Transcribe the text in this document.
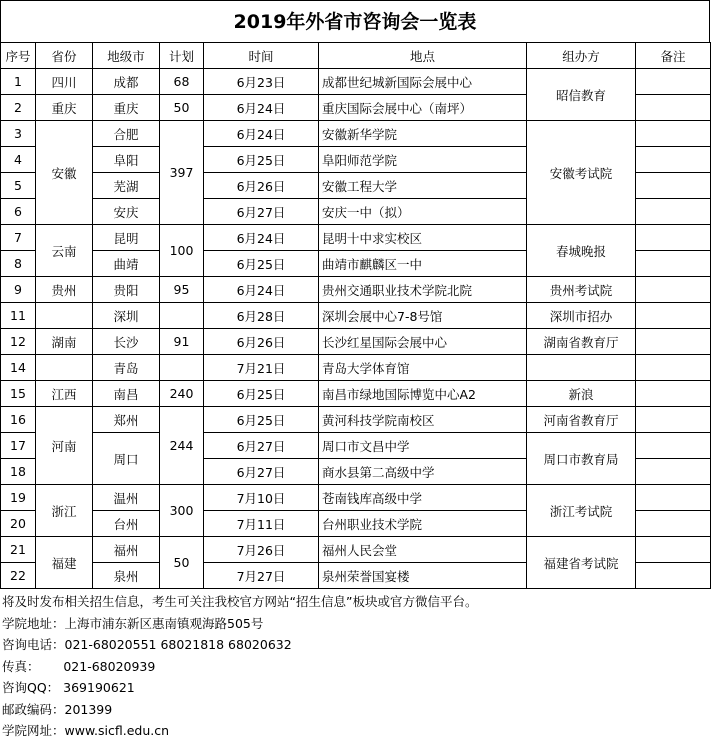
2019年外省市咨询会一览表
序号	省份	地级市	计划	时间	地点	组办方	备注
1	四川	成都	68	6月23日	成都世纪城新国际会展中心	昭信教育	
2	重庆	重庆	50	6月24日	重庆国际会展中心（南坪）		
3	安徽	合肥	397	6月24日	安徽新华学院	安徽考试院	
4		阜阳		6月25日	阜阳师范学院		
5		芜湖		6月26日	安徽工程大学		
6		安庆		6月27日	安庆一中（拟）		
7	云南	昆明	100	6月24日	昆明十中求实校区	春城晚报	
8		曲靖		6月25日	曲靖市麒麟区一中		
9	贵州	贵阳	95	6月24日	贵州交通职业技术学院北院	贵州考试院	
11		深圳		6月28日	深圳会展中心7-8号馆	深圳市招办	
12	湖南	长沙	91	6月26日	长沙红星国际会展中心	湖南省教育厅	
14		青岛		7月21日	青岛大学体育馆		
15	江西	南昌	240	6月25日	南昌市绿地国际博览中心A2	新浪	
16	河南	郑州	244	6月25日	黄河科技学院南校区	河南省教育厅	
17		周口		6月27日	周口市文昌中学	周口市教育局	
18				6月27日	商水县第二高级中学		
19	浙江	温州	300	7月10日	苍南钱库高级中学	浙江考试院	
20		台州		7月11日	台州职业技术学院		
21	福建	福州	50	7月26日	福州人民会堂	福建省考试院	
22		泉州		7月27日	泉州荣誉国宴楼		
将及时发布相关招生信息，考生可关注我校官方网站“招生信息”板块或官方微信平台。
学院地址：上海市浦东新区惠南镇观海路505号
咨询电话：021-68020551 68021818 68020632
传真：      021-68020939
咨询QQ： 369190621
邮政编码：201399
学院网址：www.sicfl.edu.cn
